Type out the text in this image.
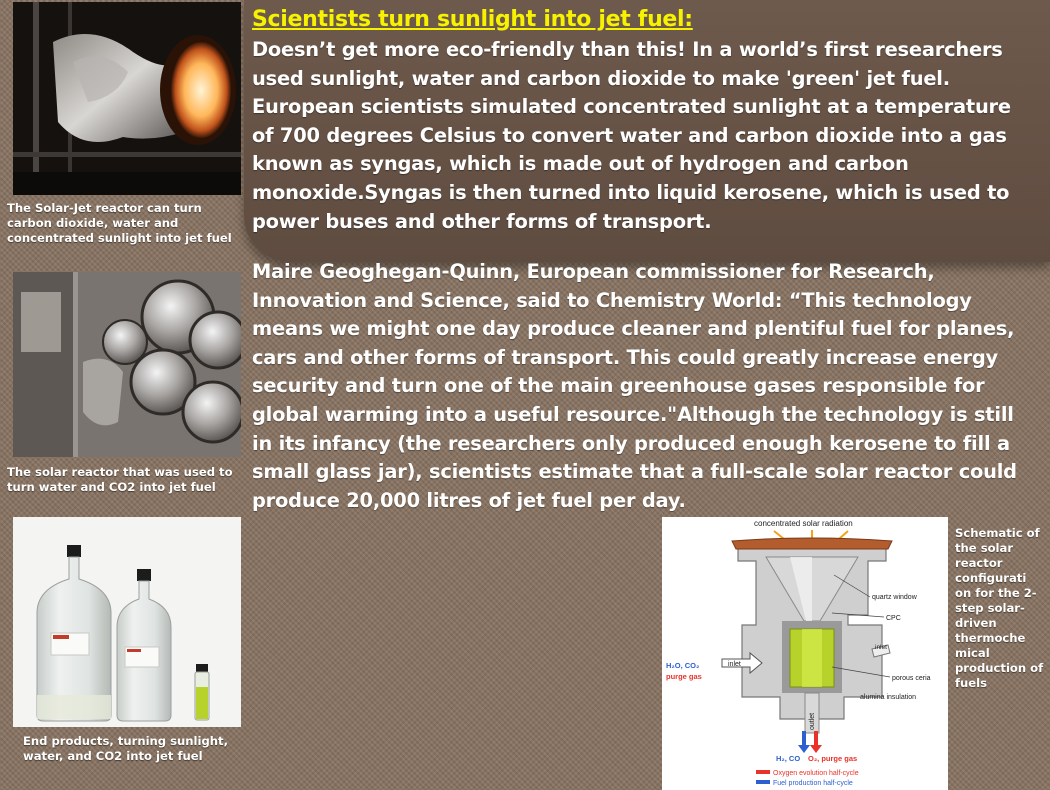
Scientists turn sunlight into jet fuel:

Doesn’t get more eco-friendly than this! In a world’s first researchers used sunlight, water and carbon dioxide to make 'green' jet fuel. European scientists simulated concentrated sunlight at a temperature of 700 degrees Celsius to convert water and carbon dioxide into a gas known as syngas, which is made out of hydrogen and carbon monoxide.Syngas is then turned into liquid kerosene, which is used to power buses and other forms of transport.

Maire Geoghegan-Quinn, European commissioner for Research, Innovation and Science, said to Chemistry World: “This technology means we might one day produce cleaner and plentiful fuel for planes, cars and other forms of transport. This could greatly increase energy security and turn one of the main greenhouse gases responsible for global warming into a useful resource."Although the technology is still in its infancy (the researchers only produced enough kerosene to fill a small glass jar), scientists estimate that a full-scale solar reactor could produce 20,000 litres of jet fuel per day.

The Solar-Jet reactor can turn carbon dioxide, water and concentrated sunlight into jet fuel
The solar reactor that was used to turn water and CO2 into jet fuel
End products, turning sunlight, water, and CO2 into jet fuel
concentrated solar radiation
outlet
inlet
inlet
quartz window
CPC
porous ceria
alumina insulation
H₂O, CO₂
purge gas
H₂, CO O₂, purge gas
Oxygen evolution half-cycle
Fuel production half-cycle
Schematic of the solar reactor configurati on for the 2-step solar-driven thermoche mical production of fuels
